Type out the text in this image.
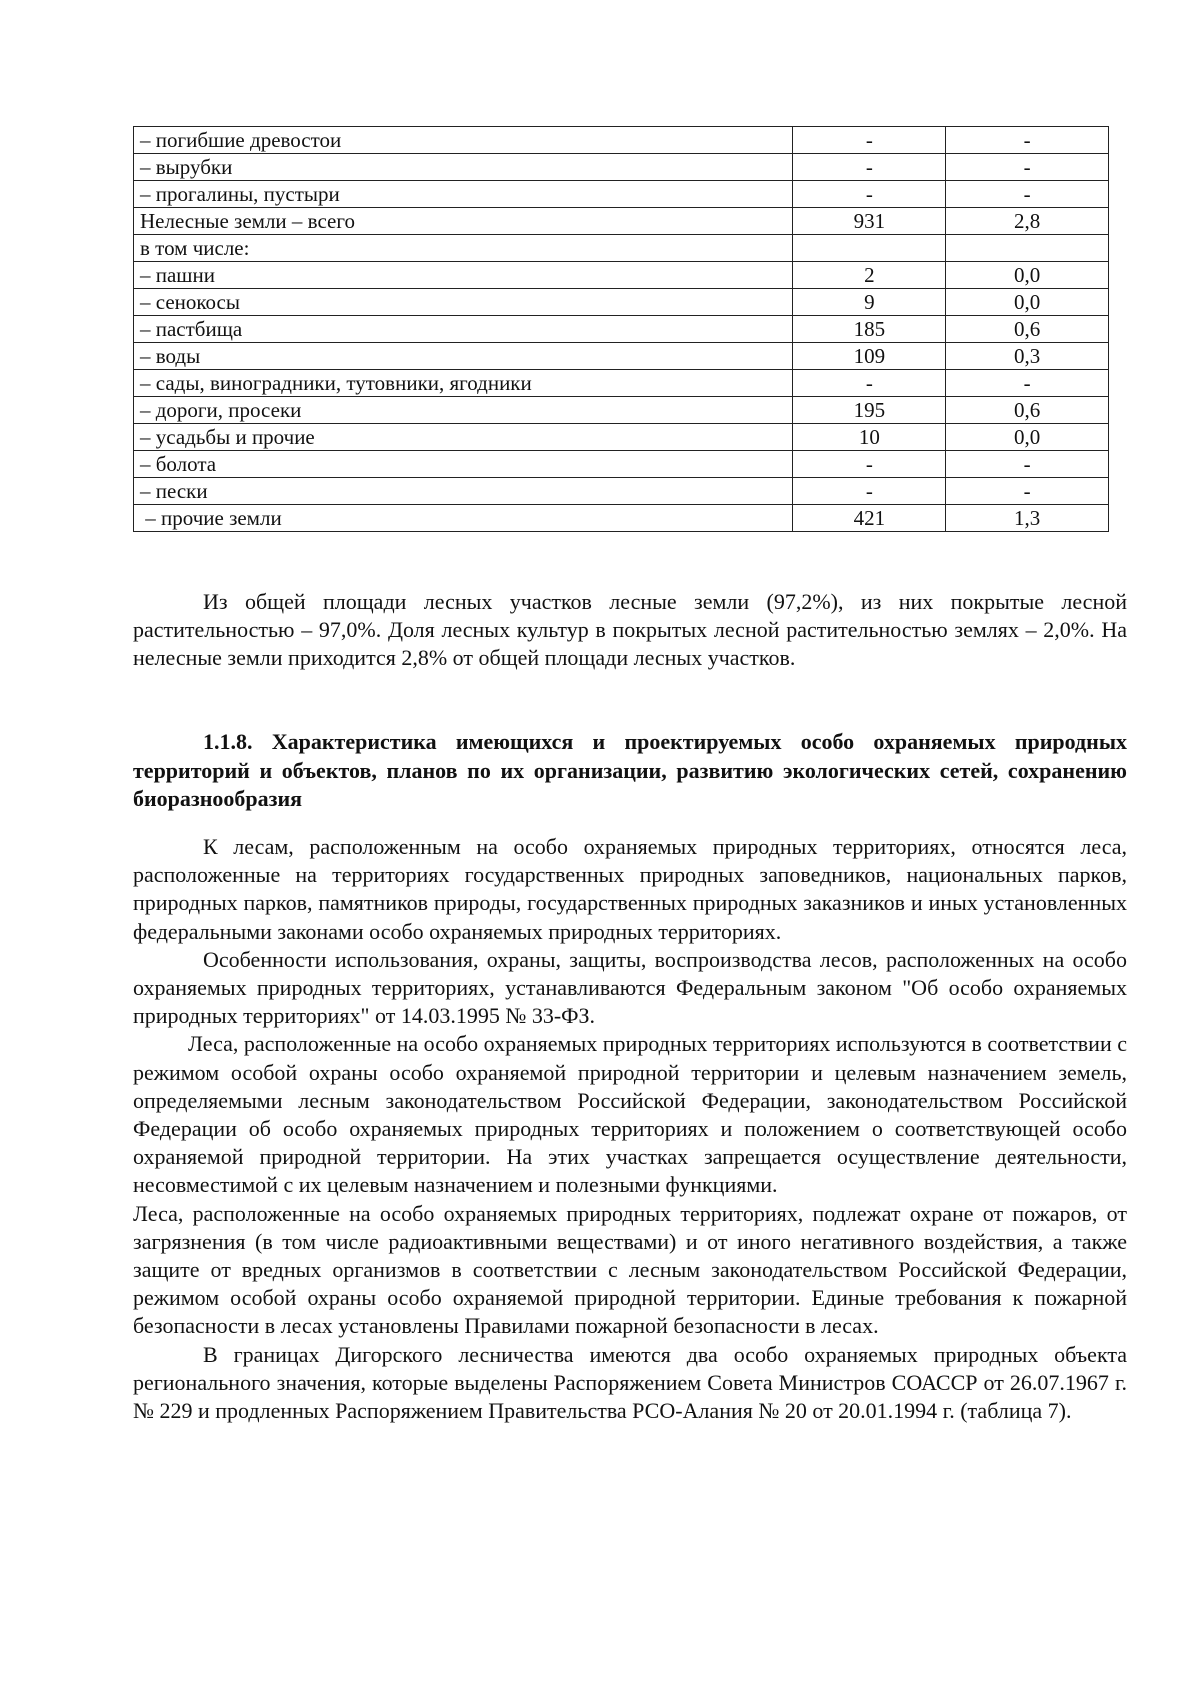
– погибшие древостои	-	-
– вырубки	-	-
– прогалины, пустыри	-	-
Нелесные земли – всего	931	2,8
в том числе:		
– пашни	2	0,0
– сенокосы	9	0,0
– пастбища	185	0,6
– воды	109	0,3
– сады, виноградники, тутовники, ягодники	-	-
– дороги, просеки	195	0,6
– усадьбы и прочие	10	0,0
– болота	-	-
– пески	-	-
– прочие земли	421	1,3

Из общей площади лесных участков лесные земли (97,2%), из них покрытые лесной растительностью – 97,0%. Доля лесных культур в покрытых лесной растительностью землях – 2,0%. На нелесные земли приходится 2,8% от общей площади лесных участков.

1.1.8. Характеристика имеющихся и проектируемых особо охраняемых природных территорий и объектов, планов по их организации, развитию экологических сетей, сохранению биоразнообразия

К лесам, расположенным на особо охраняемых природных территориях, относятся леса, расположенные на территориях государственных природных заповедников, национальных парков, природных парков, памятников природы, государственных природных заказников и иных установленных федеральными законами особо охраняемых природных территориях.

Особенности использования, охраны, защиты, воспроизводства лесов, расположенных на особо охраняемых природных территориях, устанавливаются Федеральным законом "Об особо охраняемых природных территориях" от 14.03.1995 № 33-ФЗ.

Леса, расположенные на особо охраняемых природных территориях используются в соответствии с режимом особой охраны особо охраняемой природной территории и целевым назначением земель, определяемыми лесным законодательством Российской Федерации, законодательством Российской Федерации об особо охраняемых природных территориях и положением о соответствующей особо охраняемой природной территории. На этих участках запрещается осуществление деятельности, несовместимой с их целевым назначением и полезными функциями.

Леса, расположенные на особо охраняемых природных территориях, подлежат охране от пожаров, от загрязнения (в том числе радиоактивными веществами) и от иного негативного воздействия, а также защите от вредных организмов в соответствии с лесным законодательством Российской Федерации, режимом особой охраны особо охраняемой природной территории. Единые требования к пожарной безопасности в лесах установлены Правилами пожарной безопасности в лесах.

В границах Дигорского лесничества имеются два особо охраняемых природных объекта регионального значения, которые выделены Распоряжением Совета Министров СОАССР от 26.07.1967 г. № 229 и продленных Распоряжением Правительства РСО-Алания № 20 от 20.01.1994 г. (таблица 7).
